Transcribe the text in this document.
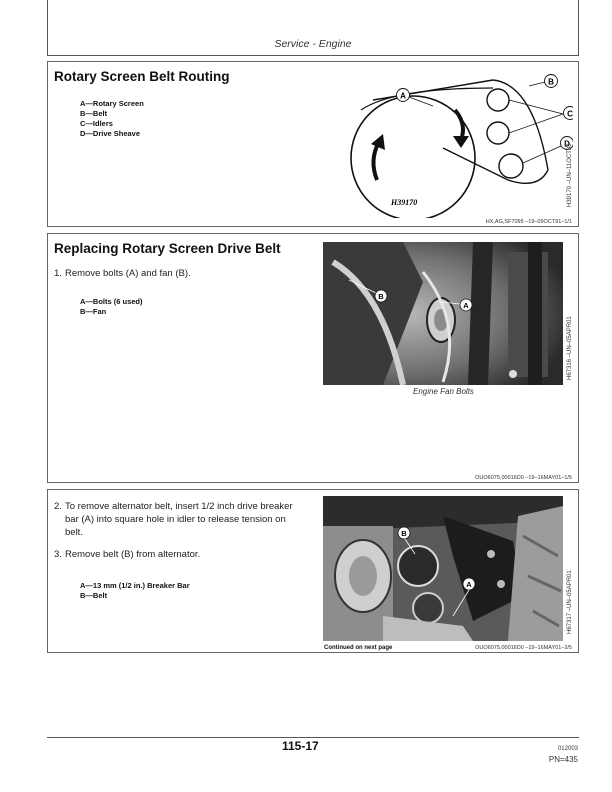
Service - Engine
Rotary Screen Belt Routing
A—Rotary Screen
B—Belt
C—Idlers
D—Drive Sheave
A
B
C
D
H39170	H39170 –UN–11OCT88
HX,AG,SF7095 –19–09OCT91–1/1
Replacing Rotary Screen Drive Belt
1. Remove bolts (A) and fan (B).
A—Bolts (6 used)
B—Fan
B
A
H67316 –UN–05APR01
Engine Fan Bolts
OUO6075,00016D0 –19–16MAY01–1/5
2. To remove alternator belt, insert 1/2 inch drive breaker
bar (A) into square hole in idler to release tension on
belt.
3. Remove belt (B) from alternator.
A—13 mm (1/2 in.) Breaker Bar
B—Belt
B
A	H67317 –UN–05APR01
Continued on next page	OUO6075,00016D0 –19–16MAY01–2/5
115-17	012003
PN=435
